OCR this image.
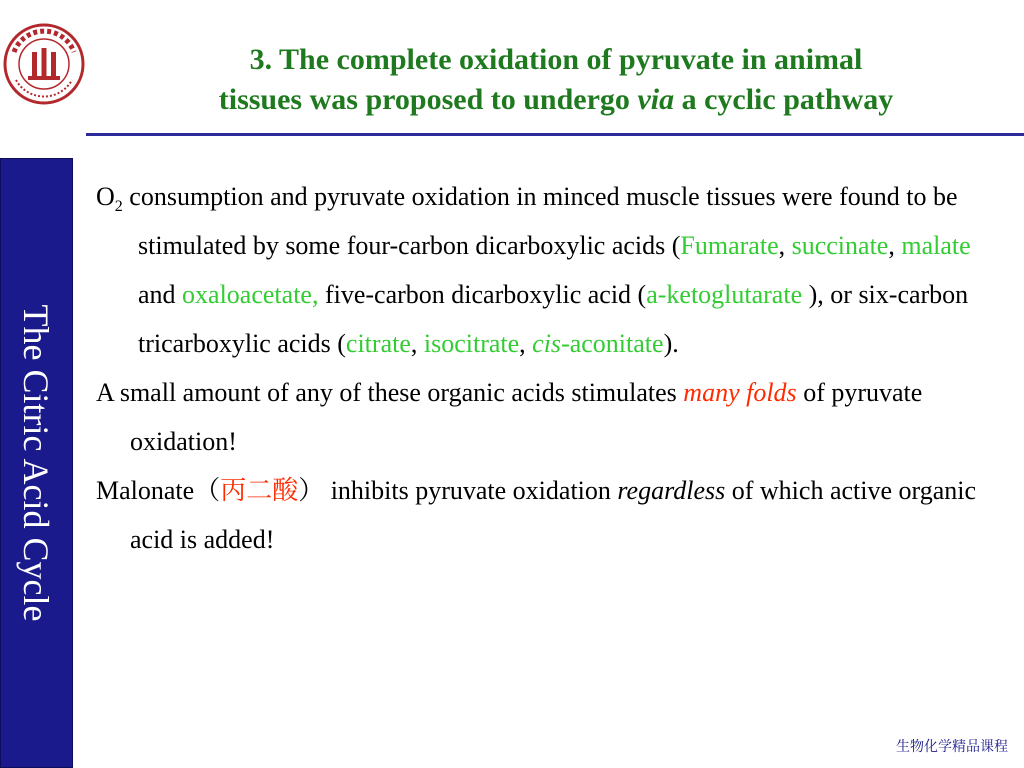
3. The complete oxidation of pyruvate in animal
tissues was proposed to undergo via a cyclic pathway
The Citric Acid Cycle

$O_2$ consumption and pyruvate oxidation in minced muscle tissues were found to be stimulated by some four-carbon dicarboxylic acids (Fumarate, succinate, malate and oxaloacetate, five-carbon dicarboxylic acid (a-ketoglutarate ), or six-carbon tricarboxylic acids (citrate, isocitrate, cis-aconitate).

A small amount of any of these organic acids stimulates many folds of pyruvate oxidation!

Malonate（丙二酸） inhibits pyruvate oxidation regardless of which active organic acid is added!

生物化学精品课程
